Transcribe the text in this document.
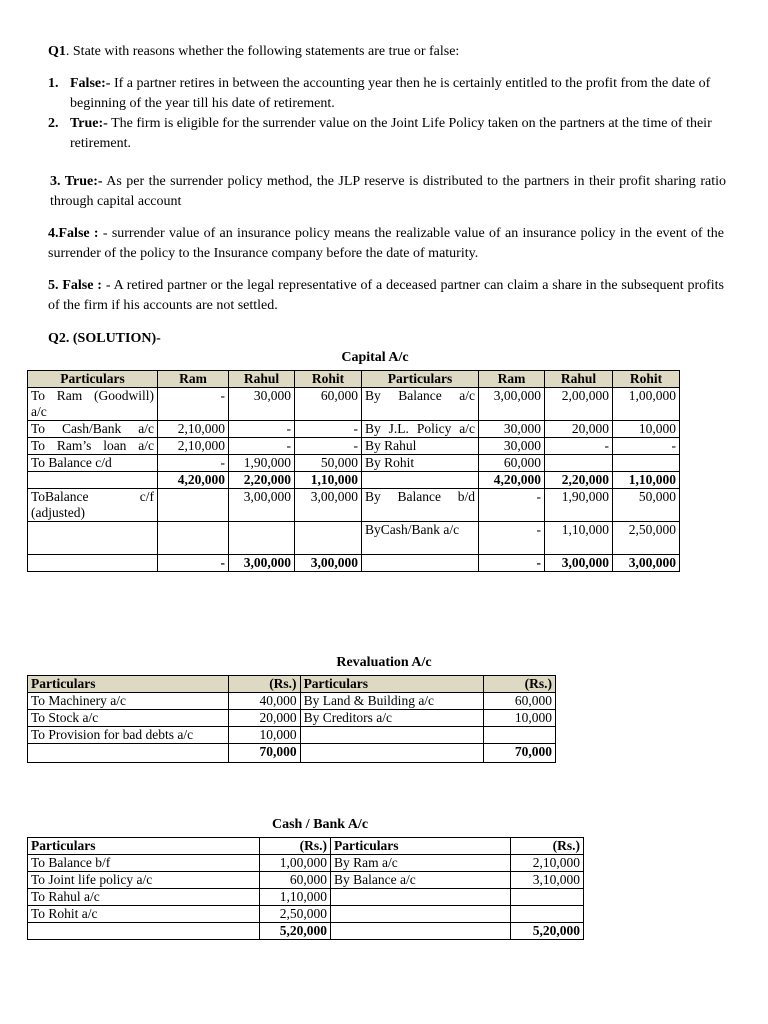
Q1. State with reasons whether the following statements are true or false:

1. False:- If a partner retires in between the accounting year then he is certainly entitled to the profit from the date of beginning of the year till his date of retirement.

2. True:- The firm is eligible for the surrender value on the Joint Life Policy taken on the partners at the time of their retirement.

3. True:- As per the surrender policy method, the JLP reserve is distributed to the partners in their profit sharing ratio through capital account

4.False : - surrender value of an insurance policy means the realizable value of an insurance policy in the event of the surrender of the policy to the Insurance company before the date of maturity.

5. False : - A retired partner or the legal representative of a deceased partner can claim a share in the subsequent profits of the firm if his accounts are not settled.

Q2. (SOLUTION)-

Capital A/c
Particulars	Ram	Rahul	Rohit	Particulars	Ram	Rahul	Rohit
To Ram (Goodwill) a/c	-	30,000	60,000	By Balance a/c	3,00,000	2,00,000	1,00,000
To Cash/Bank a/c	2,10,000	-	-	By J.L. Policy a/c	30,000	20,000	10,000
To Ram’s loan a/c	2,10,000	-	-	By Rahul	30,000	-	-
To Balance c/d	-	1,90,000	50,000	By Rohit	60,000		
	4,20,000	2,20,000	1,10,000		4,20,000	2,20,000	1,10,000
ToBalance c/f (adjusted)		3,00,000	3,00,000	By Balance b/d	-	1,90,000	50,000
				ByCash/Bank a/c	-	1,10,000	2,50,000
	-	3,00,000	3,00,000		-	3,00,000	3,00,000
Revaluation A/c
Particulars	(Rs.)	Particulars	(Rs.)
To Machinery a/c	40,000	By Land & Building a/c	60,000
To Stock a/c	20,000	By Creditors a/c	10,000
To Provision for bad debts a/c	10,000		
	70,000		70,000
Cash / Bank A/c
Particulars	(Rs.)	Particulars	(Rs.)
To Balance b/f	1,00,000	By Ram a/c	2,10,000
To Joint life policy a/c	60,000	By Balance a/c	3,10,000
To Rahul a/c	1,10,000		
To Rohit a/c	2,50,000		
	5,20,000		5,20,000
